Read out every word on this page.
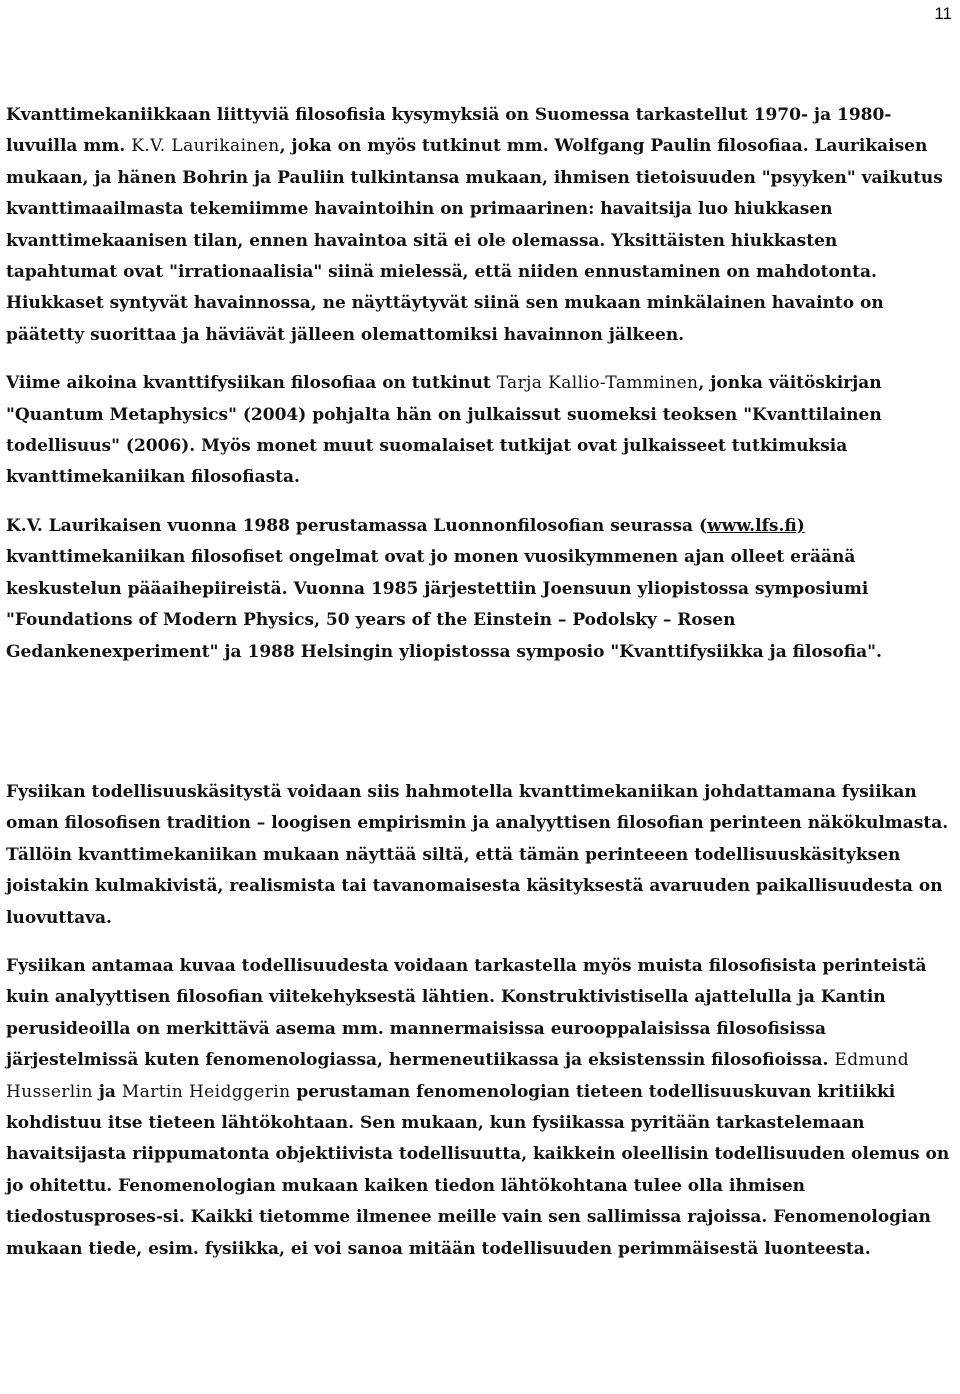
11

Kvanttimekaniikkaan liittyviä filosofisia kysymyksiä on Suomessa tarkastellut 1970- ja 1980-luvuilla mm. K.V. Laurikainen, joka on myös tutkinut mm. Wolfgang Paulin filosofiaa. Laurikaisen mukaan, ja hänen Bohrin ja Pauliin tulkintansa mukaan, ihmisen tietoisuuden "psyyken" vaikutus kvanttimaailmasta tekemiimme havaintoihin on primaarinen: havaitsija luo hiukkasen kvanttimekaanisen tilan, ennen havaintoa sitä ei ole olemassa. Yksittäisten hiukkasten tapahtumat ovat "irrationaalisia" siinä mielessä, että niiden ennustaminen on mahdotonta. Hiukkaset syntyvät havainnossa, ne näyttäytyvät siinä sen mukaan minkälainen havainto on päätetty suorittaa ja häviävät jälleen olemattomiksi havainnon jälkeen.

Viime aikoina kvanttifysiikan filosofiaa on tutkinut Tarja Kallio-Tamminen, jonka väitöskirjan "Quantum Metaphysics" (2004) pohjalta hän on julkaissut suomeksi teoksen "Kvanttilainen todellisuus" (2006). Myös monet muut suomalaiset tutkijat ovat julkaisseet tutkimuksia kvanttimekaniikan filosofiasta.

K.V. Laurikaisen vuonna 1988 perustamassa Luonnonfilosofian seurassa (www.lfs.fi) kvanttimekaniikan filosofiset ongelmat ovat jo monen vuosikymmenen ajan olleet eräänä keskustelun pääaihepiireistä. Vuonna 1985 järjestettiin Joensuun yliopistossa symposiumi "Foundations of Modern Physics, 50 years of the Einstein – Podolsky – Rosen Gedankenexperiment" ja 1988 Helsingin yliopistossa symposio "Kvanttifysiikka ja filosofia".

Fysiikan todellisuuskäsitystä voidaan siis hahmotella kvanttimekaniikan johdattamana fysiikan oman filosofisen tradition – loogisen empirismin ja analyyttisen filosofian perinteen näkökulmasta. Tällöin kvanttimekaniikan mukaan näyttää siltä, että tämän perinteeen todellisuuskäsityksen joistakin kulmakivistä, realismista tai tavanomaisesta käsityksestä avaruuden paikallisuudesta on luovuttava.

Fysiikan antamaa kuvaa todellisuudesta voidaan tarkastella myös muista filosofisista perinteistä kuin analyyttisen filosofian viitekehyksestä lähtien. Konstruktivistisella ajattelulla ja Kantin perusideoilla on merkittävä asema mm. mannermaisissa eurooppalaisissa filosofisissa järjestelmissä kuten fenomenologiassa, hermeneutiikassa ja eksistenssin filosofioissa. Edmund Husserlin ja Martin Heidggerin perustaman fenomenologian tieteen todellisuuskuvan kritiikki kohdistuu itse tieteen lähtökohtaan. Sen mukaan, kun fysiikassa pyritään tarkastelemaan havaitsijasta riippumatonta objektiivista todellisuutta, kaikkein oleellisin todellisuuden olemus on jo ohitettu. Fenomenologian mukaan kaiken tiedon lähtökohtana tulee olla ihmisen tiedostusproses-si. Kaikki tietomme ilmenee meille vain sen sallimissa rajoissa. Fenomenologian mukaan tiede, esim. fysiikka, ei voi sanoa mitään todellisuuden perimmäisestä luonteesta.
